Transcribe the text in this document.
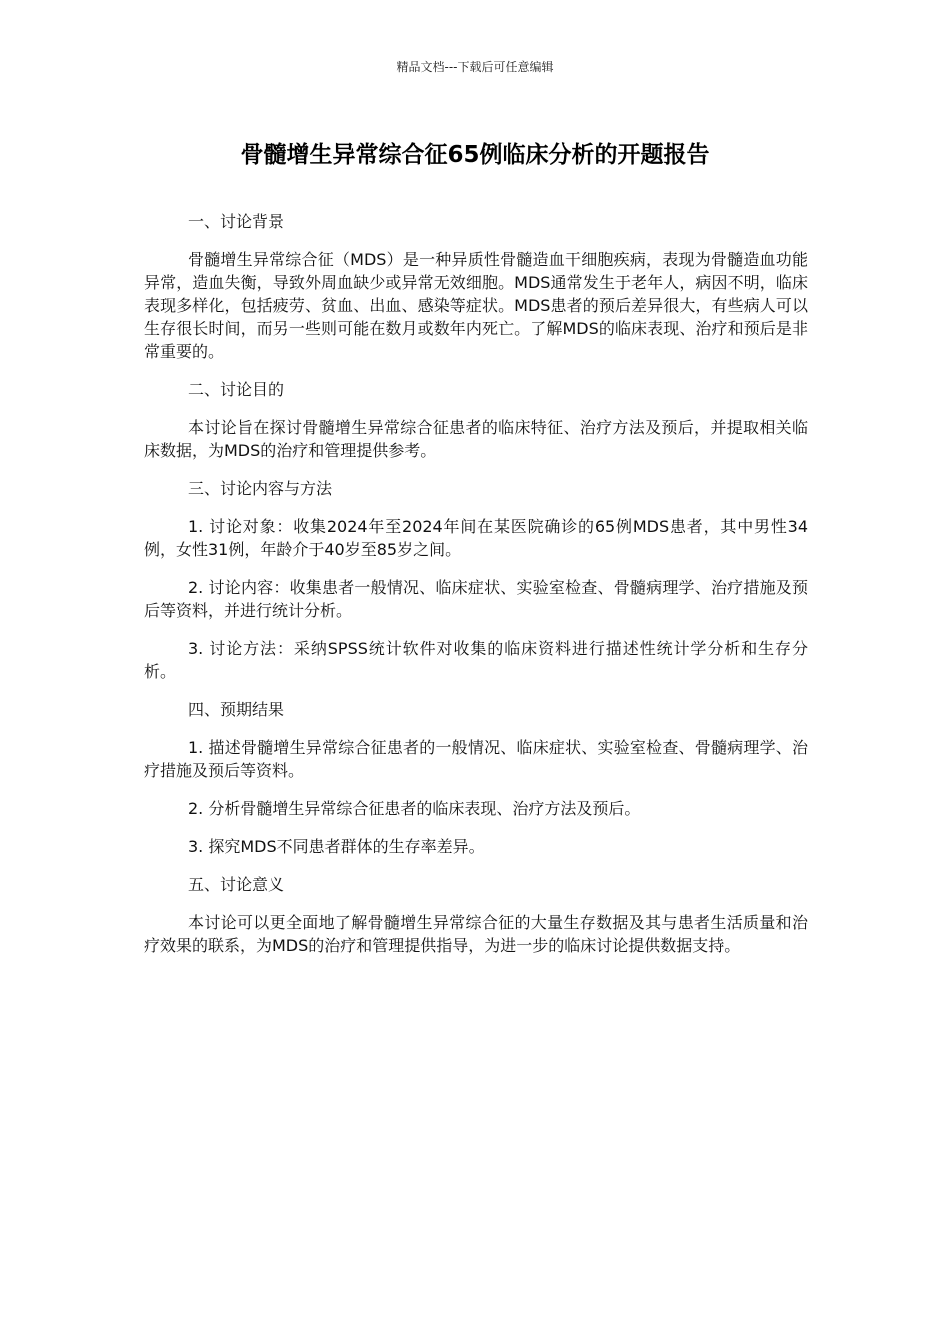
精品文档---下载后可任意编辑
骨髓增生异常综合征65例临床分析的开题报告

一、讨论背景

骨髓增生异常综合征（MDS）是一种异质性骨髓造血干细胞疾病，表现为骨髓造血功能异常，造血失衡，导致外周血缺少或异常无效细胞。MDS通常发生于老年人，病因不明，临床表现多样化，包括疲劳、贫血、出血、感染等症状。MDS患者的预后差异很大，有些病人可以生存很长时间，而另一些则可能在数月或数年内死亡。了解MDS的临床表现、治疗和预后是非常重要的。

二、讨论目的

本讨论旨在探讨骨髓增生异常综合征患者的临床特征、治疗方法及预后，并提取相关临床数据，为MDS的治疗和管理提供参考。

三、讨论内容与方法

1. 讨论对象：收集2024年至2024年间在某医院确诊的65例MDS患者，其中男性34例，女性31例，年龄介于40岁至85岁之间。

2. 讨论内容：收集患者一般情况、临床症状、实验室检查、骨髓病理学、治疗措施及预后等资料，并进行统计分析。

3. 讨论方法：采纳SPSS统计软件对收集的临床资料进行描述性统计学分析和生存分析。

四、预期结果

1. 描述骨髓增生异常综合征患者的一般情况、临床症状、实验室检查、骨髓病理学、治疗措施及预后等资料。

2. 分析骨髓增生异常综合征患者的临床表现、治疗方法及预后。

3. 探究MDS不同患者群体的生存率差异。

五、讨论意义

本讨论可以更全面地了解骨髓增生异常综合征的大量生存数据及其与患者生活质量和治疗效果的联系，为MDS的治疗和管理提供指导，为进一步的临床讨论提供数据支持。
